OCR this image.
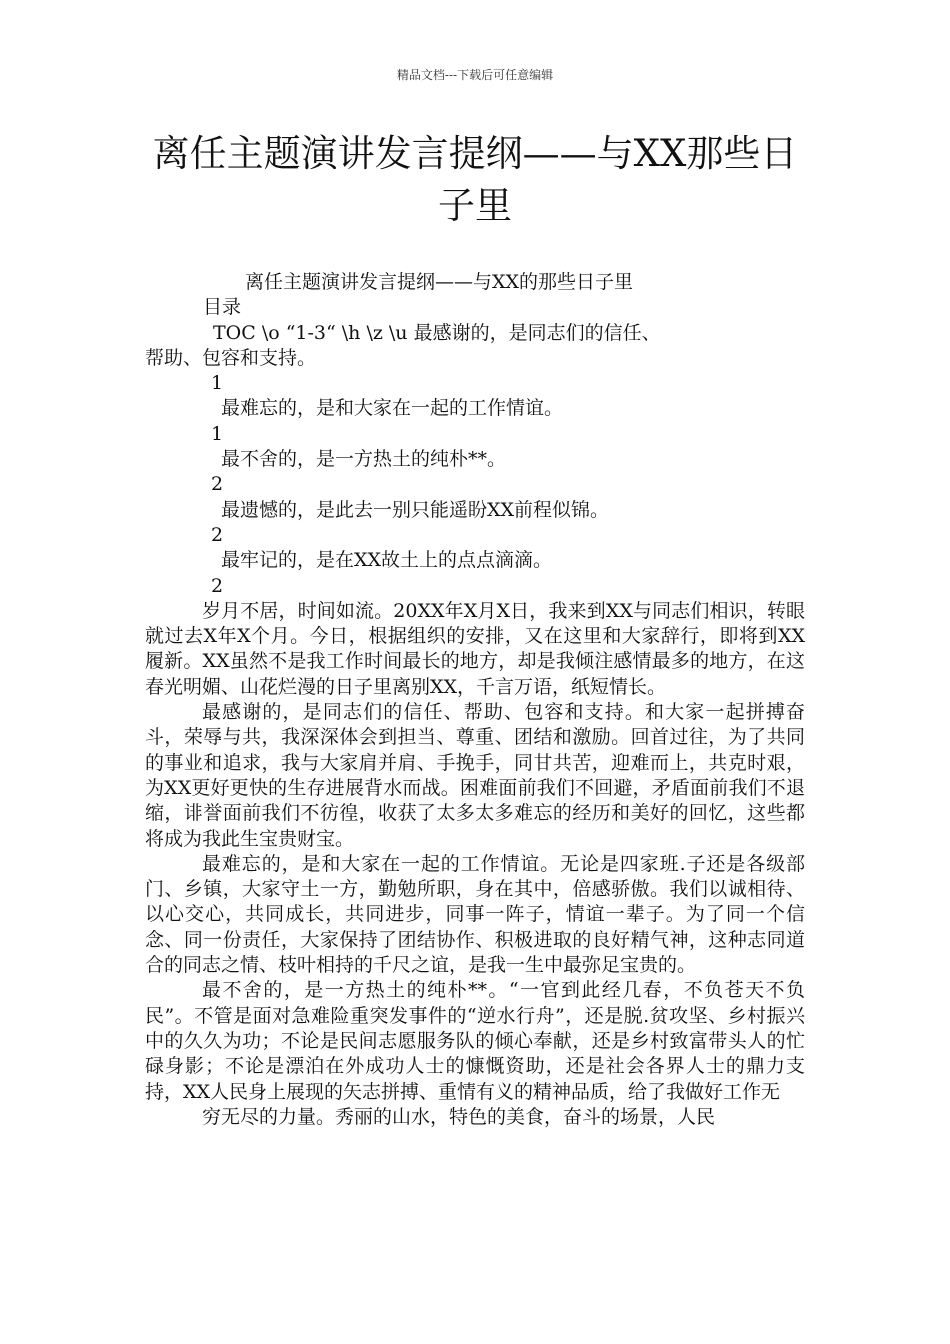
精品文档---下载后可任意编辑
离任主题演讲发言提纲——与XX那些日子里
离任主题演讲发言提纲——与XX的那些日子里
目录
TOC \o “1-3“ \h \z \u 最感谢的，是同志们的信任、
帮助、包容和支持。
1
最难忘的，是和大家在一起的工作情谊。
1
最不舍的，是一方热土的纯朴**。
2
最遗憾的，是此去一别只能遥盼XX前程似锦。
2
最牢记的，是在XX故土上的点点滴滴。
2

岁月不居，时间如流。20XX年X月X日，我来到XX与同志们相识，转眼就过去X年X个月。今日，根据组织的安排，又在这里和大家辞行，即将到XX履新。XX虽然不是我工作时间最长的地方，却是我倾注感情最多的地方，在这春光明媚、山花烂漫的日子里离别XX，千言万语，纸短情长。

最感谢的，是同志们的信任、帮助、包容和支持。和大家一起拼搏奋斗，荣辱与共，我深深体会到担当、尊重、团结和激励。回首过往，为了共同的事业和追求，我与大家肩并肩、手挽手，同甘共苦，迎难而上，共克时艰，为XX更好更快的生存进展背水而战。困难面前我们不回避，矛盾面前我们不退缩，诽誉面前我们不彷徨，收获了太多太多难忘的经历和美好的回忆，这些都将成为我此生宝贵财宝。

最难忘的，是和大家在一起的工作情谊。无论是四家班.子还是各级部门、乡镇，大家守土一方，勤勉所职，身在其中，倍感骄傲。我们以诚相待、以心交心，共同成长，共同进步，同事一阵子，情谊一辈子。为了同一个信念、同一份责任，大家保持了团结协作、积极进取的良好精气神，这种志同道合的同志之情、枝叶相持的千尺之谊，是我一生中最弥足宝贵的。

最不舍的，是一方热土的纯朴**。“一官到此经几春，不负苍天不负民”。不管是面对急难险重突发事件的“逆水行舟”，还是脱.贫攻坚、乡村振兴中的久久为功；不论是民间志愿服务队的倾心奉献，还是乡村致富带头人的忙碌身影；不论是漂泊在外成功人士的慷慨资助，还是社会各界人士的鼎力支持，XX人民身上展现的矢志拼搏、重情有义的精神品质，给了我做好工作无

穷无尽的力量。秀丽的山水，特色的美食，奋斗的场景，人民
